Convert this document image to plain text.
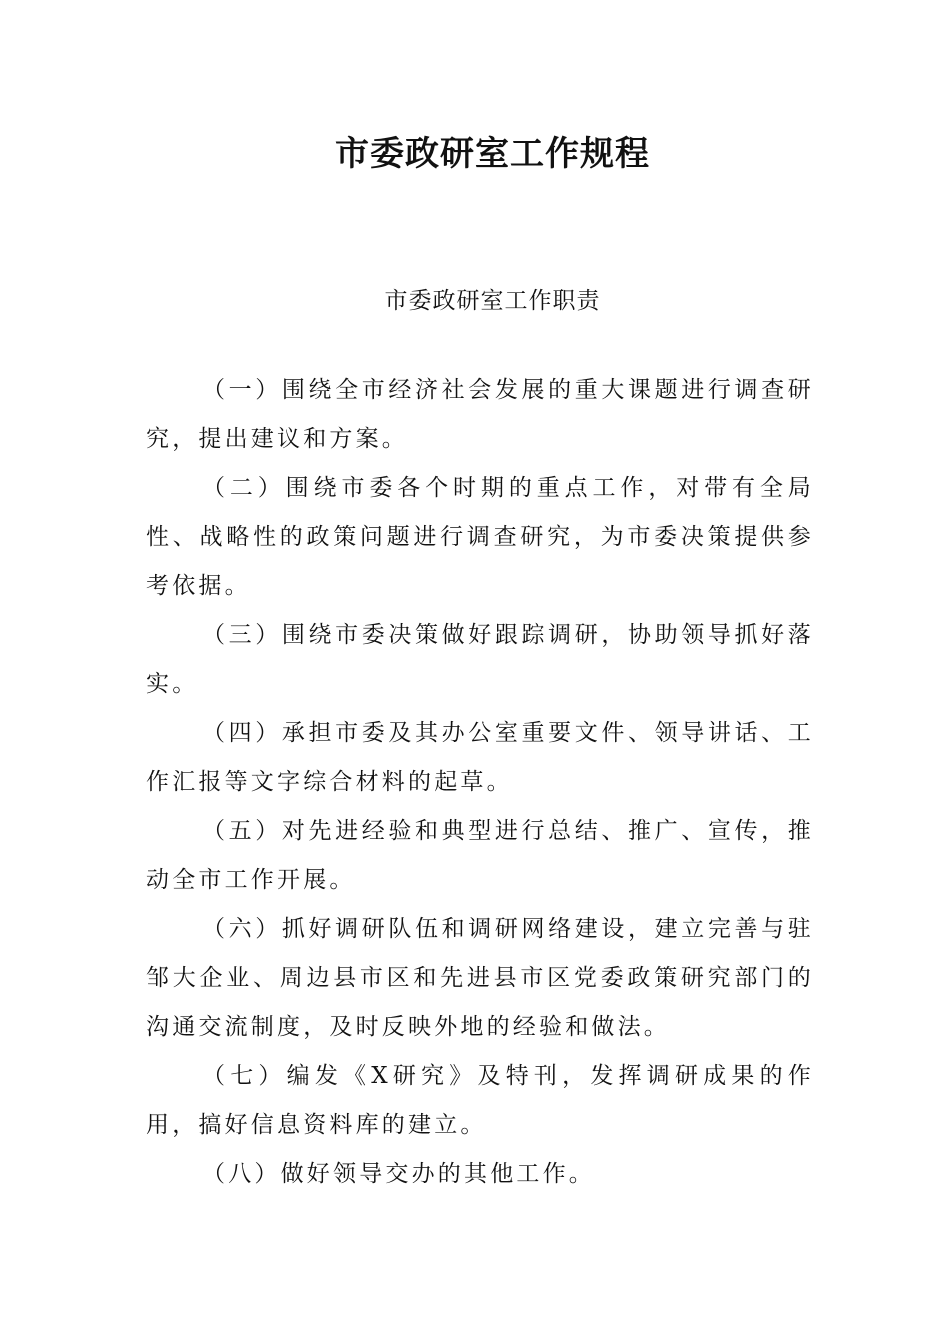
市委政研室工作规程
市委政研室工作职责

（一）围绕全市经济社会发展的重大课题进行调查研究，提出建议和方案。

（二）围绕市委各个时期的重点工作，对带有全局性、战略性的政策问题进行调查研究，为市委决策提供参考依据。

（三）围绕市委决策做好跟踪调研，协助领导抓好落实。

（四）承担市委及其办公室重要文件、领导讲话、工作汇报等文字综合材料的起草。

（五）对先进经验和典型进行总结、推广、宣传，推动全市工作开展。

（六）抓好调研队伍和调研网络建设，建立完善与驻邹大企业、周边县市区和先进县市区党委政策研究部门的沟通交流制度，及时反映外地的经验和做法。

（七）编发《X研究》及特刊，发挥调研成果的作用，搞好信息资料库的建立。

（八）做好领导交办的其他工作。
